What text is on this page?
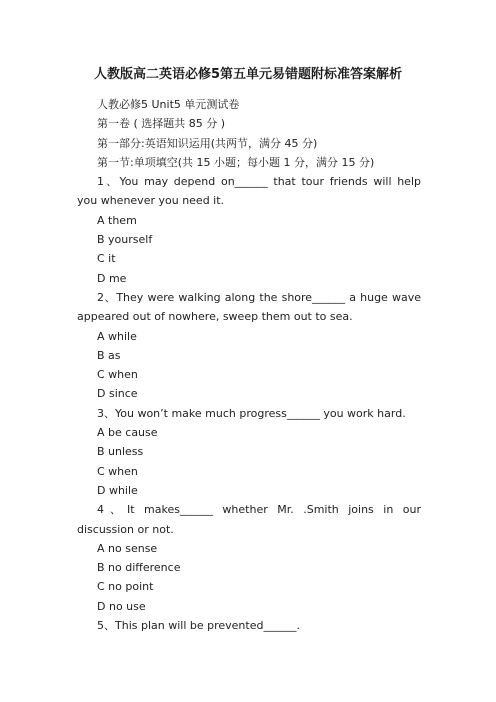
人教版高二英语必修5第五单元易错题附标准答案解析

人教必修5 Unit5 单元测试卷

第一卷 ( 选择题共 85 分 )

第一部分:英语知识运用(共两节，满分 45 分)

第一节:单项填空(共 15 小题；每小题 1 分，满分 15 分)

1、You may depend on______ that tour friends will help you whenever you need it.

A them

B yourself

C it

D me

2、They were walking along the shore______ a huge wave appeared out of nowhere, sweep them out to sea.

A while

B as

C when

D since

3、You won’t make much progress______ you work hard.

A be cause

B unless

C when

D while

4、It makes______ whether Mr. .Smith joins in our discussion or not.

A no sense

B no difference

C no point

D no use

5、This plan will be prevented______.
